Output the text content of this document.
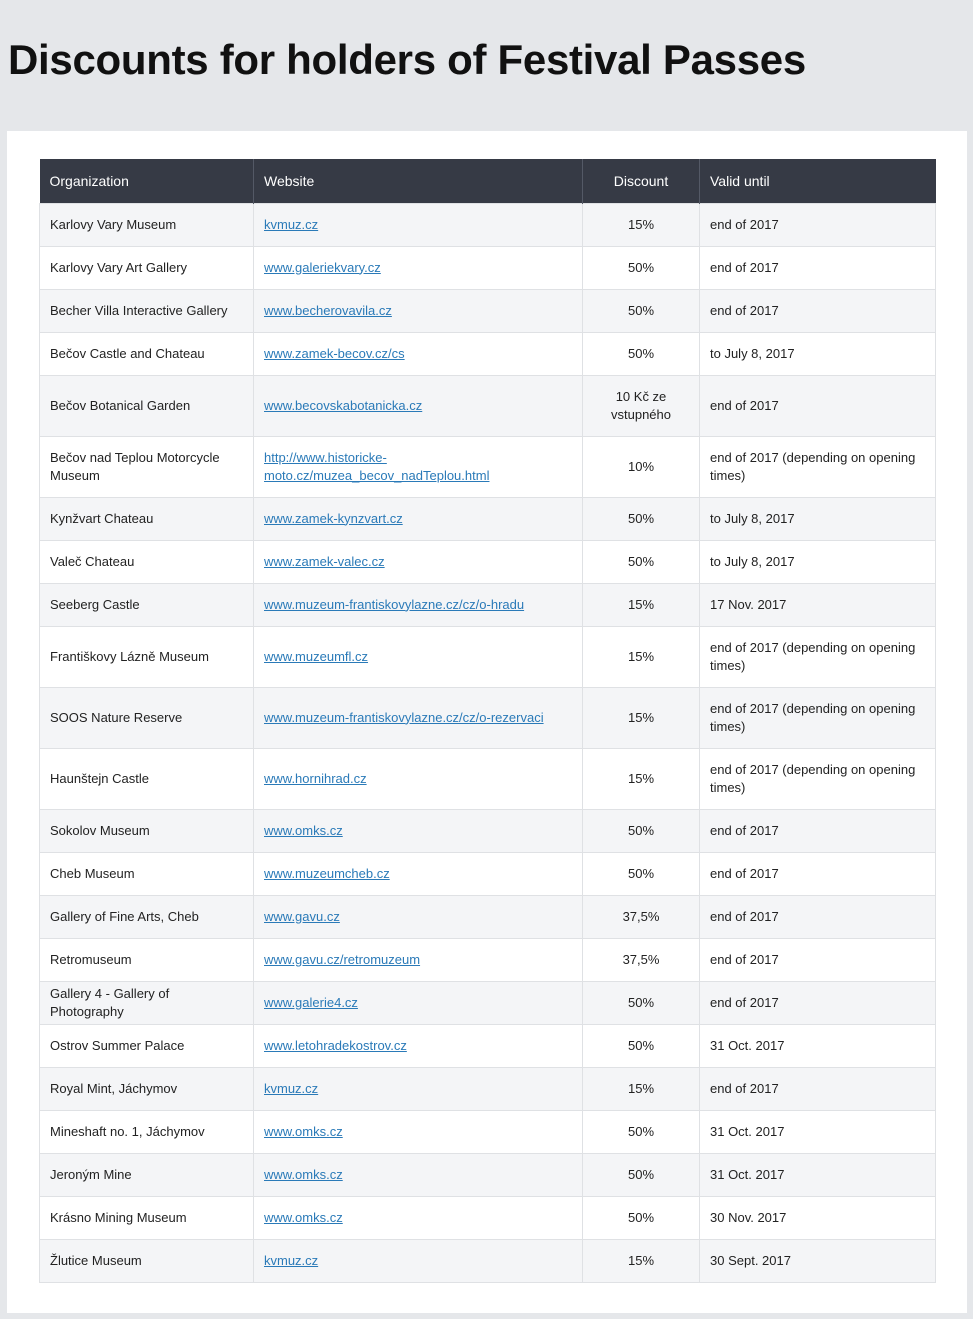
Discounts for holders of Festival Passes
Organization	Website	Discount	Valid until
Karlovy Vary Museum	kvmuz.cz	15%	end of 2017
Karlovy Vary Art Gallery	www.galeriekvary.cz	50%	end of 2017
Becher Villa Interactive Gallery	www.becherovavila.cz	50%	end of 2017
Bečov Castle and Chateau	www.zamek-becov.cz/cs	50%	to July 8, 2017
Bečov Botanical Garden	www.becovskabotanicka.cz	10 Kč ze vstupného	end of 2017
Bečov nad Teplou Motorcycle Museum	http://www.historicke-moto.cz/muzea_becov_nadTeplou.html	10%	end of 2017 (depending on opening times)
Kynžvart Chateau	www.zamek-kynzvart.cz	50%	to July 8, 2017
Valeč Chateau	www.zamek-valec.cz	50%	to July 8, 2017
Seeberg Castle	www.muzeum-frantiskovylazne.cz/cz/o-hradu	15%	17 Nov. 2017
Františkovy Lázně Museum	www.muzeumfl.cz	15%	end of 2017 (depending on opening times)
SOOS Nature Reserve	www.muzeum-frantiskovylazne.cz/cz/o-rezervaci	15%	end of 2017 (depending on opening times)
Haunštejn Castle	www.hornihrad.cz	15%	end of 2017 (depending on opening times)
Sokolov Museum	www.omks.cz	50%	end of 2017
Cheb Museum	www.muzeumcheb.cz	50%	end of 2017
Gallery of Fine Arts, Cheb	www.gavu.cz	37,5%	end of 2017
Retromuseum	www.gavu.cz/retromuzeum	37,5%	end of 2017
Gallery 4 - Gallery of Photography	www.galerie4.cz	50%	end of 2017
Ostrov Summer Palace	www.letohradekostrov.cz	50%	31 Oct. 2017
Royal Mint, Jáchymov	kvmuz.cz	15%	end of 2017
Mineshaft no. 1, Jáchymov	www.omks.cz	50%	31 Oct. 2017
Jeroným Mine	www.omks.cz	50%	31 Oct. 2017
Krásno Mining Museum	www.omks.cz	50%	30 Nov. 2017
Žlutice Museum	kvmuz.cz	15%	30 Sept. 2017
